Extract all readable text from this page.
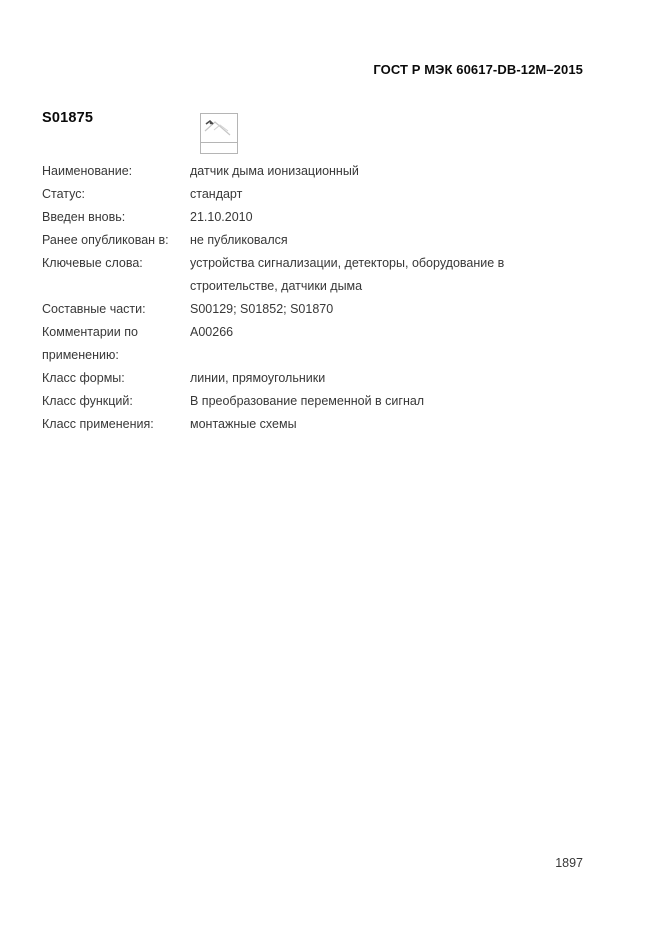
ГОСТ Р МЭК 60617-DB-12М–2015
S01875
Наименование:	датчик дыма ионизационный
Статус:	стандарт
Введен вновь:	21.10.2010
Ранее опубликован в:	не публиковался
Ключевые слова:	устройства сигнализации, детекторы, оборудование в строительстве, датчики дыма
Составные части:	S00129; S01852; S01870
Комментарии по применению:
A00266
Класс формы:	линии, прямоугольники
Класс функций:	В преобразование переменной в сигнал
Класс применения:	монтажные схемы
1897
